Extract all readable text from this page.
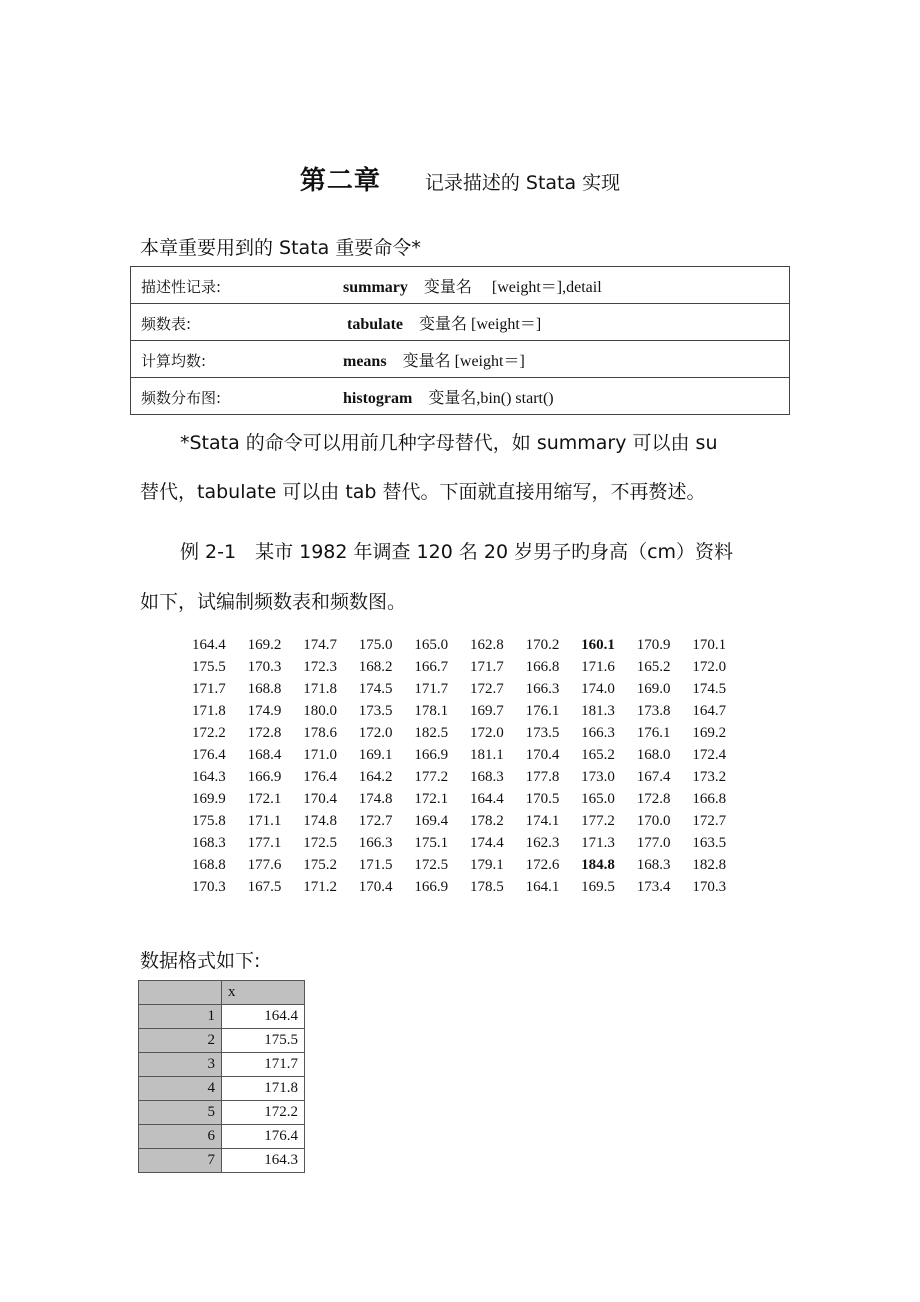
第二章 记录描述的 Stata 实现
本章重要用到的 Stata 重要命令*
描述性记录:	summary　变量名　 [weight＝],detail
频数表:	tabulate　变量名 [weight＝]
计算均数:	means　变量名 [weight＝]
频数分布图:	histogram　变量名,bin() start()
*Stata 的命令可以用前几种字母替代，如 summary 可以由 su
替代，tabulate 可以由 tab 替代。下面就直接用缩写，不再赘述。
例 2-1　某市 1982 年调查 120 名 20 岁男子旳身高（cm）资料
如下，试编制频数表和频数图。
164.4	169.2	174.7	175.0	165.0	162.8	170.2	160.1	170.9	170.1
175.5	170.3	172.3	168.2	166.7	171.7	166.8	171.6	165.2	172.0
171.7	168.8	171.8	174.5	171.7	172.7	166.3	174.0	169.0	174.5
171.8	174.9	180.0	173.5	178.1	169.7	176.1	181.3	173.8	164.7
172.2	172.8	178.6	172.0	182.5	172.0	173.5	166.3	176.1	169.2
176.4	168.4	171.0	169.1	166.9	181.1	170.4	165.2	168.0	172.4
164.3	166.9	176.4	164.2	177.2	168.3	177.8	173.0	167.4	173.2
169.9	172.1	170.4	174.8	172.1	164.4	170.5	165.0	172.8	166.8
175.8	171.1	174.8	172.7	169.4	178.2	174.1	177.2	170.0	172.7
168.3	177.1	172.5	166.3	175.1	174.4	162.3	171.3	177.0	163.5
168.8	177.6	175.2	171.5	172.5	179.1	172.6	184.8	168.3	182.8
170.3	167.5	171.2	170.4	166.9	178.5	164.1	169.5	173.4	170.3
数据格式如下:
	x
1	164.4
2	175.5
3	171.7
4	171.8
5	172.2
6	176.4
7	164.3
